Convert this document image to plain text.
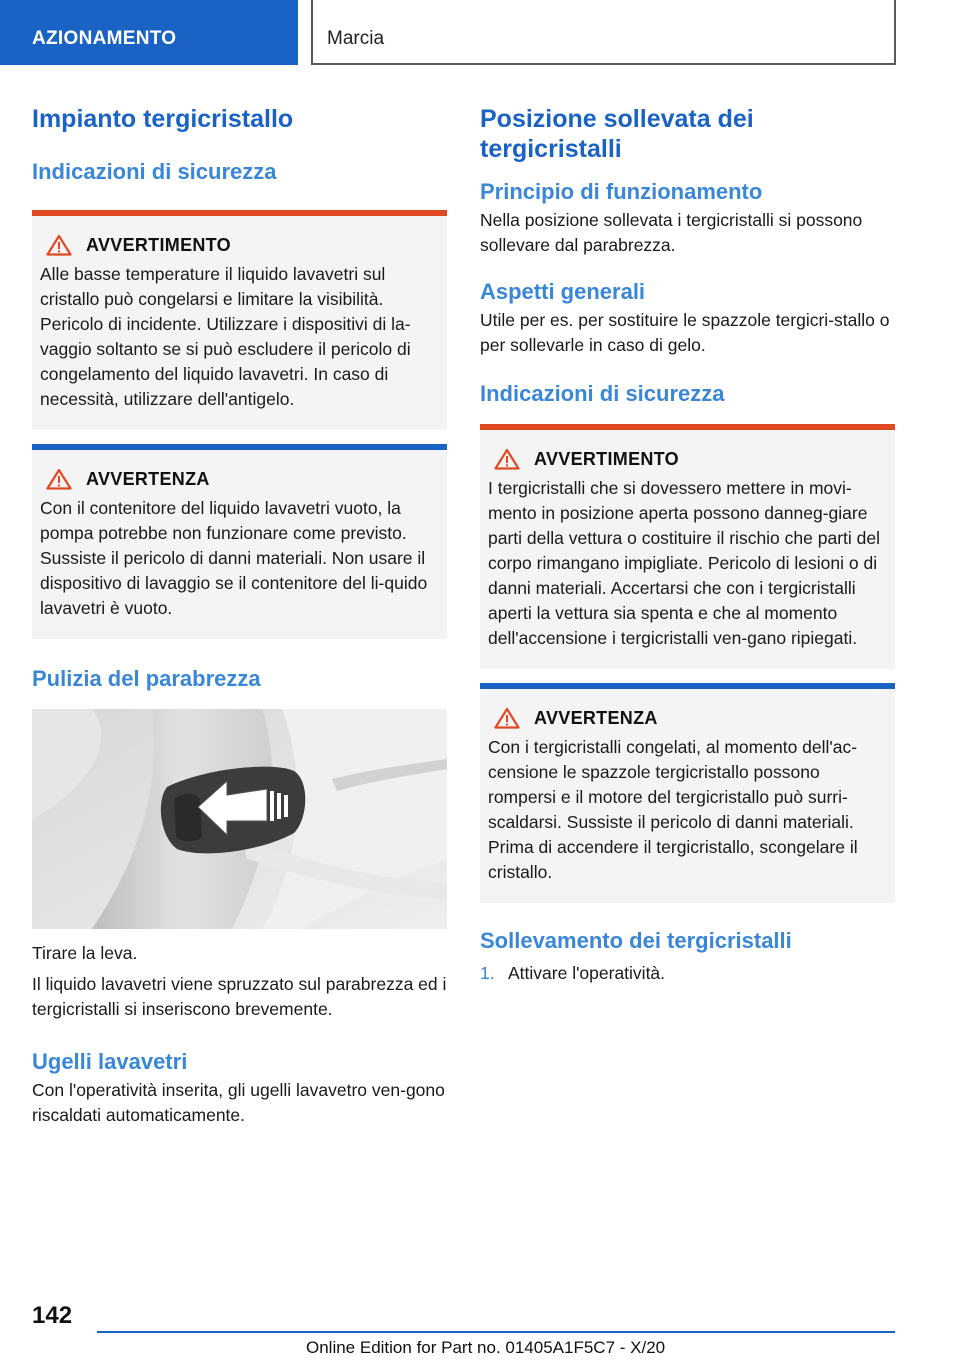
AZIONAMENTO	Marcia
Impianto tergicristallo
Indicazioni di sicurezza
AVVERTIMENTO

Alle basse temperature il liquido lavavetri sul cristallo può congelarsi e limitare la visibilità. Pericolo di incidente. Utilizzare i dispositivi di la-vaggio soltanto se si può escludere il pericolo di congelamento del liquido lavavetri. In caso di necessità, utilizzare dell'antigelo.

AVVERTENZA

Con il contenitore del liquido lavavetri vuoto, la pompa potrebbe non funzionare come previsto. Sussiste il pericolo di danni materiali. Non usare il dispositivo di lavaggio se il contenitore del li-quido lavavetri è vuoto.

Pulizia del parabrezza

Tirare la leva.

Il liquido lavavetri viene spruzzato sul parabrezza ed i tergicristalli si inseriscono brevemente.

Ugelli lavavetri

Con l'operatività inserita, gli ugelli lavavetro ven-gono riscaldati automaticamente.

Posizione sollevata dei tergicristalli
Principio di funzionamento

Nella posizione sollevata i tergicristalli si possono sollevare dal parabrezza.

Aspetti generali

Utile per es. per sostituire le spazzole tergicri-stallo o per sollevarle in caso di gelo.

Indicazioni di sicurezza
AVVERTIMENTO

I tergicristalli che si dovessero mettere in movi-mento in posizione aperta possono danneg-giare parti della vettura o costituire il rischio che parti del corpo rimangano impigliate. Pericolo di lesioni o di danni materiali. Accertarsi che con i tergicristalli aperti la vettura sia spenta e che al momento dell'accensione i tergicristalli ven-gano ripiegati.

AVVERTENZA

Con i tergicristalli congelati, al momento dell'ac-censione le spazzole tergicristallo possono rompersi e il motore del tergicristallo può surri-scaldarsi. Sussiste il pericolo di danni materiali. Prima di accendere il tergicristallo, scongelare il cristallo.

Sollevamento dei tergicristalli
1. Attivare l'operatività.
142
Online Edition for Part no. 01405A1F5C7 - X/20
